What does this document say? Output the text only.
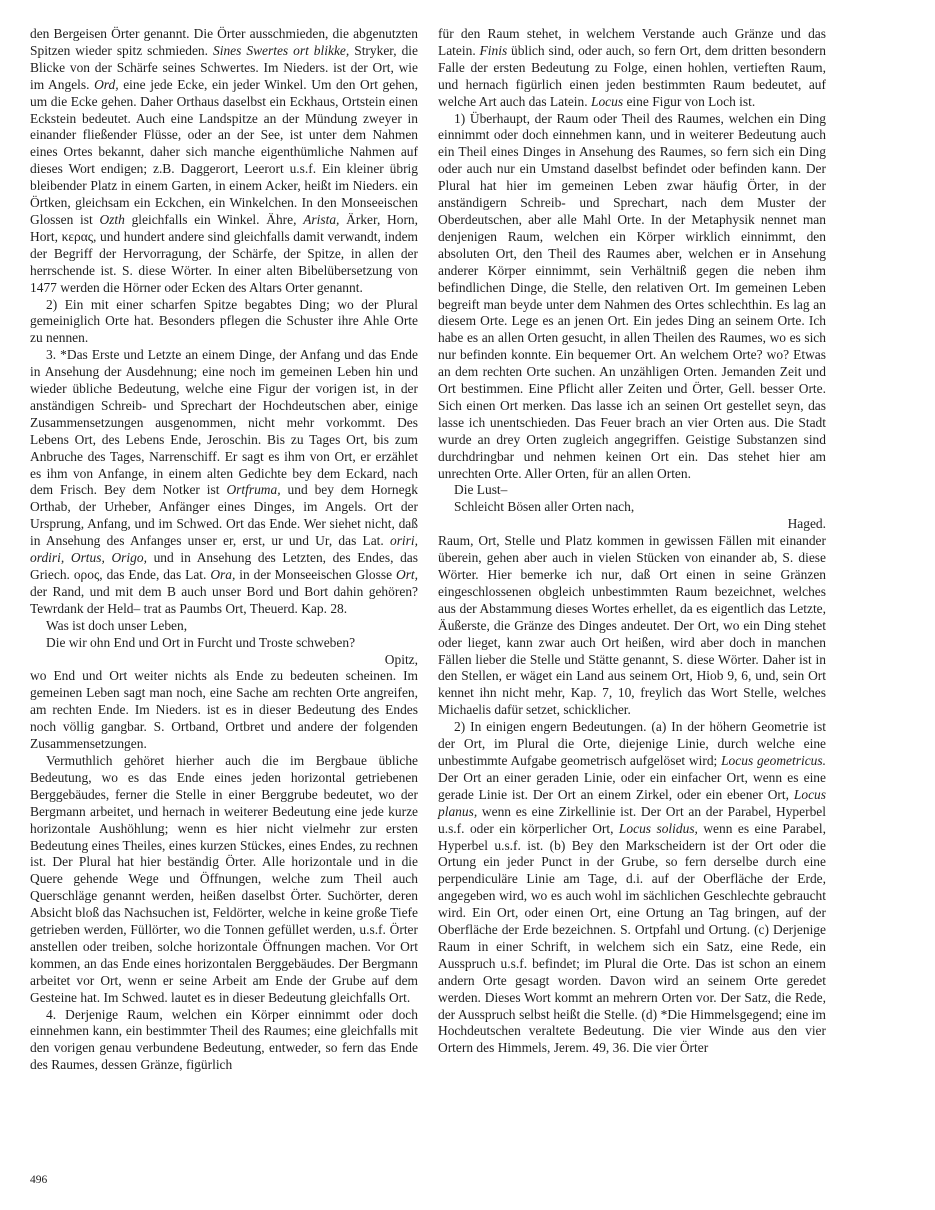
den Bergeisen Örter genannt. Die Örter ausschmieden, die abgenutzten Spitzen wieder spitz schmieden. Sines Swertes ort blikke, Stryker, die Blicke von der Schärfe seines Schwertes. Im Nieders. ist der Ort, wie im Angels. Ord, eine jede Ecke, ein jeder Winkel. Um den Ort gehen, um die Ecke gehen. Daher Orthaus daselbst ein Eckhaus, Ortstein einen Eckstein bedeutet. Auch eine Landspitze an der Mündung zweyer in einander fließender Flüsse, oder an der See, ist unter dem Nahmen eines Ortes bekannt, daher sich manche eigenthümliche Nahmen auf dieses Wort endigen; z.B. Daggerort, Leerort u.s.f. Ein kleiner übrig bleibender Platz in einem Garten, in einem Acker, heißt im Nieders. ein Örtken, gleichsam ein Eckchen, ein Winkelchen. In den Monseeischen Glossen ist Ozth gleichfalls ein Winkel. Ähre, Arista, Ärker, Horn, Hort, κερας, und hundert andere sind gleichfalls damit verwandt, indem der Begriff der Hervorragung, der Schärfe, der Spitze, in allen der herrschende ist. S. diese Wörter. In einer alten Bibelübersetzung von 1477 werden die Hörner oder Ecken des Altars Orter genannt.

2) Ein mit einer scharfen Spitze begabtes Ding; wo der Plural gemeiniglich Orte hat. Besonders pflegen die Schuster ihre Ahle Orte zu nennen.

3. *Das Erste und Letzte an einem Dinge, der Anfang und das Ende in Ansehung der Ausdehnung; eine noch im gemeinen Leben hin und wieder übliche Bedeutung, welche eine Figur der vorigen ist, in der anständigen Schreib- und Sprechart der Hochdeutschen aber, einige Zusammensetzungen ausgenommen, nicht mehr vorkommt. Des Lebens Ort, des Lebens Ende, Jeroschin. Bis zu Tages Ort, bis zum Anbruche des Tages, Narrenschiff. Er sagt es ihm von Ort, er erzählet es ihm von Anfange, in einem alten Gedichte bey dem Eckard, nach dem Frisch. Bey dem Notker ist Ortfruma, und bey dem Hornegk Orthab, der Urheber, Anfänger eines Dinges, im Angels. Ort der Ursprung, Anfang, und im Schwed. Ort das Ende. Wer siehet nicht, daß in Ansehung des Anfanges unser er, erst, ur und Ur, das Lat. oriri, ordiri, Ortus, Origo, und in Ansehung des Letzten, des Endes, das Griech. ορος, das Ende, das Lat. Ora, in der Monseeischen Glosse Ort, der Rand, und mit dem B auch unser Bord und Bort dahin gehören? Tewrdank der Held– trat as Paumbs Ort, Theuerd. Kap. 28.

Was ist doch unser Leben,

Die wir ohn End und Ort in Furcht und Troste schweben?

Opitz,

wo End und Ort weiter nichts als Ende zu bedeuten scheinen. Im gemeinen Leben sagt man noch, eine Sache am rechten Orte angreifen, am rechten Ende. Im Nieders. ist es in dieser Bedeutung des Endes noch völlig gangbar. S. Ortband, Ortbret und andere der folgenden Zusammensetzungen.

Vermuthlich gehöret hierher auch die im Bergbaue übliche Bedeutung, wo es das Ende eines jeden horizontal getriebenen Berggebäudes, ferner die Stelle in einer Berggrube bedeutet, wo der Bergmann arbeitet, und hernach in weiterer Bedeutung eine jede kurze horizontale Aushöhlung; wenn es hier nicht vielmehr zur ersten Bedeutung eines Theiles, eines kurzen Stückes, eines Endes, zu rechnen ist. Der Plural hat hier beständig Örter. Alle horizontale und in die Quere gehende Wege und Öffnungen, welche zum Theil auch Querschläge genannt werden, heißen daselbst Örter. Suchörter, deren Absicht bloß das Nachsuchen ist, Feldörter, welche in keine große Tiefe getrieben werden, Füllörter, wo die Tonnen gefüllet werden, u.s.f. Örter anstellen oder treiben, solche horizontale Öffnungen machen. Vor Ort kommen, an das Ende eines horizontalen Berggebäudes. Der Bergmann arbeitet vor Ort, wenn er seine Arbeit am Ende der Grube auf dem Gesteine hat. Im Schwed. lautet es in dieser Bedeutung gleichfalls Ort.

4. Derjenige Raum, welchen ein Körper einnimmt oder doch einnehmen kann, ein bestimmter Theil des Raumes; eine gleichfalls mit den vorigen genau verbundene Bedeutung, entweder, so fern das Ende des Raumes, dessen Gränze, figürlich

für den Raum stehet, in welchem Verstande auch Gränze und das Latein. Finis üblich sind, oder auch, so fern Ort, dem dritten besondern Falle der ersten Bedeutung zu Folge, einen hohlen, vertieften Raum, und hernach figürlich einen jeden bestimmten Raum bedeutet, auf welche Art auch das Latein. Locus eine Figur von Loch ist.

1) Überhaupt, der Raum oder Theil des Raumes, welchen ein Ding einnimmt oder doch einnehmen kann, und in weiterer Bedeutung auch ein Theil eines Dinges in Ansehung des Raumes, so fern sich ein Ding oder auch nur ein Umstand daselbst befindet oder befinden kann. Der Plural hat hier im gemeinen Leben zwar häufig Örter, in der anständigern Schreib- und Sprechart, nach dem Muster der Oberdeutschen, aber alle Mahl Orte. In der Metaphysik nennet man denjenigen Raum, welchen ein Körper wirklich einnimmt, den absoluten Ort, den Theil des Raumes aber, welchen er in Ansehung anderer Körper einnimmt, sein Verhältniß gegen die neben ihm befindlichen Dinge, die Stelle, den relativen Ort. Im gemeinen Leben begreift man beyde unter dem Nahmen des Ortes schlechthin. Es lag an diesem Orte. Lege es an jenen Ort. Ein jedes Ding an seinem Orte. Ich habe es an allen Orten gesucht, in allen Theilen des Raumes, wo es sich nur befinden konnte. Ein bequemer Ort. An welchem Orte? wo? Etwas an dem rechten Orte suchen. An unzähligen Orten. Jemanden Zeit und Ort bestimmen. Eine Pflicht aller Zeiten und Örter, Gell. besser Orte. Sich einen Ort merken. Das lasse ich an seinen Ort gestellet seyn, das lasse ich unentschieden. Das Feuer brach an vier Orten aus. Die Stadt wurde an drey Orten zugleich angegriffen. Geistige Substanzen sind durchdringbar und nehmen keinen Ort ein. Das stehet hier am unrechten Orte. Aller Orten, für an allen Orten.

Die Lust–

Schleicht Bösen aller Orten nach,

Haged.

Raum, Ort, Stelle und Platz kommen in gewissen Fällen mit einander überein, gehen aber auch in vielen Stücken von einander ab, S. diese Wörter. Hier bemerke ich nur, daß Ort einen in seine Gränzen eingeschlossenen obgleich unbestimmten Raum bezeichnet, welches aus der Abstammung dieses Wortes erhellet, da es eigentlich das Letzte, Äußerste, die Gränze des Dinges andeutet. Der Ort, wo ein Ding stehet oder lieget, kann zwar auch Ort heißen, wird aber doch in manchen Fällen lieber die Stelle und Stätte genannt, S. diese Wörter. Daher ist in den Stellen, er wäget ein Land aus seinem Ort, Hiob 9, 6, und, sein Ort kennet ihn nicht mehr, Kap. 7, 10, freylich das Wort Stelle, welches Michaelis dafür setzet, schicklicher.

2) In einigen engern Bedeutungen. (a) In der höhern Geometrie ist der Ort, im Plural die Orte, diejenige Linie, durch welche eine unbestimmte Aufgabe geometrisch aufgelöset wird; Locus geometricus. Der Ort an einer geraden Linie, oder ein einfacher Ort, wenn es eine gerade Linie ist. Der Ort an einem Zirkel, oder ein ebener Ort, Locus planus, wenn es eine Zirkellinie ist. Der Ort an der Parabel, Hyperbel u.s.f. oder ein körperlicher Ort, Locus solidus, wenn es eine Parabel, Hyperbel u.s.f. ist. (b) Bey den Markscheidern ist der Ort oder die Ortung ein jeder Punct in der Grube, so fern derselbe durch eine perpendiculäre Linie am Tage, d.i. auf der Oberfläche der Erde, angegeben wird, wo es auch wohl im sächlichen Geschlechte gebraucht wird. Ein Ort, oder einen Ort, eine Ortung an Tag bringen, auf der Oberfläche der Erde bezeichnen. S. Ortpfahl und Ortung. (c) Derjenige Raum in einer Schrift, in welchem sich ein Satz, eine Rede, ein Ausspruch u.s.f. befindet; im Plural die Orte. Das ist schon an einem andern Orte gesagt worden. Davon wird an seinem Orte geredet werden. Dieses Wort kommt an mehrern Orten vor. Der Satz, die Rede, der Ausspruch selbst heißt die Stelle. (d) *Die Himmelsgegend; eine im Hochdeutschen veraltete Bedeutung. Die vier Winde aus den vier Ortern des Himmels, Jerem. 49, 36. Die vier Örter

496
